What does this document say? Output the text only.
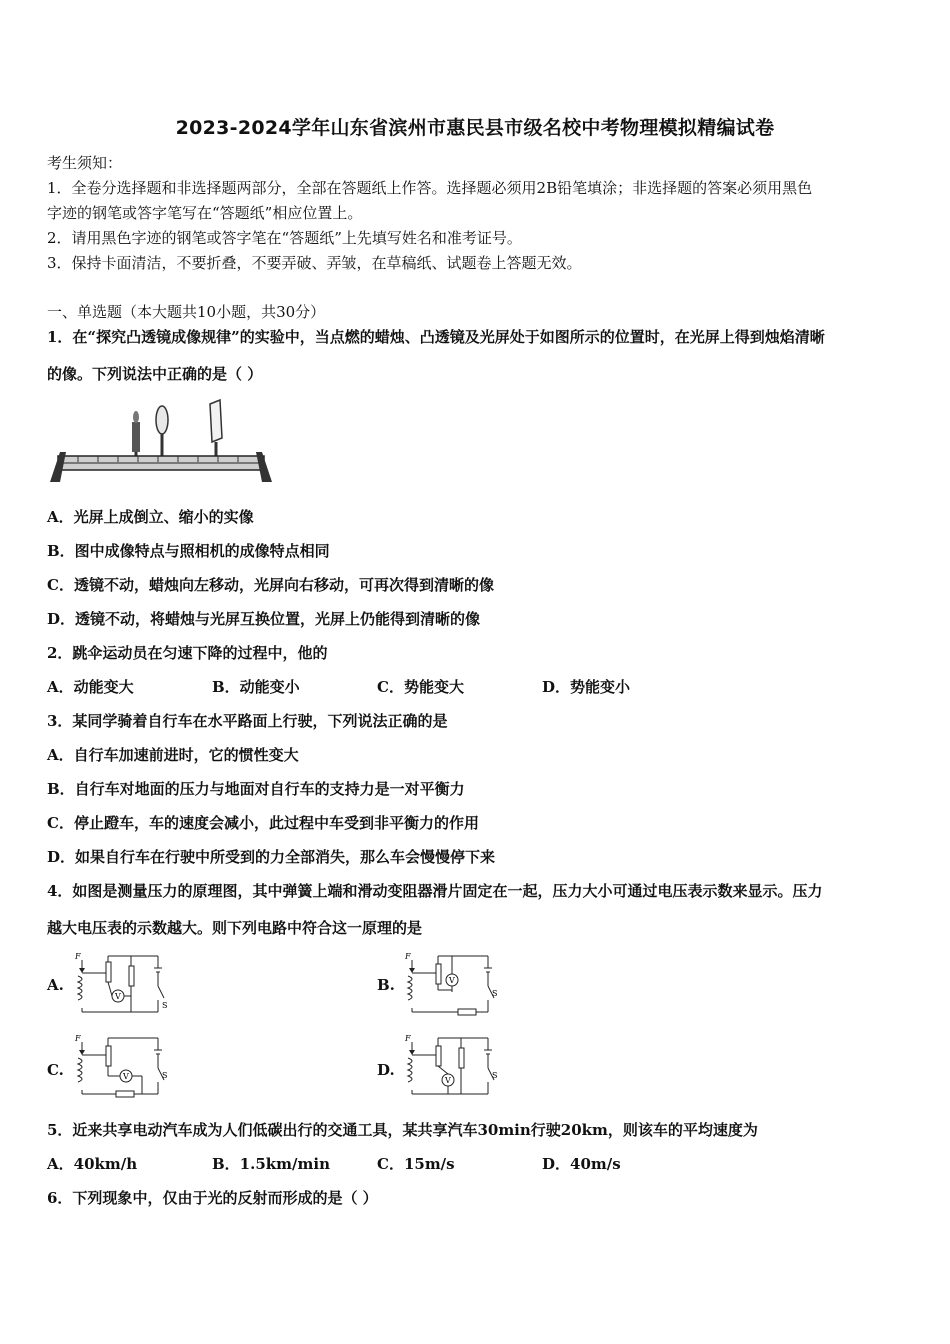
2023-2024学年山东省滨州市惠民县市级名校中考物理模拟精编试卷
考生须知：
1．全卷分选择题和非选择题两部分，全部在答题纸上作答。选择题必须用2B铅笔填涂；非选择题的答案必须用黑色
字迹的钢笔或答字笔写在“答题纸”相应位置上。
2．请用黑色字迹的钢笔或答字笔在“答题纸”上先填写姓名和准考证号。
3．保持卡面清洁，不要折叠，不要弄破、弄皱，在草稿纸、试题卷上答题无效。
一、单选题（本大题共10小题，共30分）
1．在“探究凸透镜成像规律”的实验中，当点燃的蜡烛、凸透镜及光屏处于如图所示的位置时，在光屏上得到烛焰清晰
的像。下列说法中正确的是（ ）
A．光屏上成倒立、缩小的实像
B．图中成像特点与照相机的成像特点相同
C．透镜不动，蜡烛向左移动，光屏向右移动，可再次得到清晰的像
D．透镜不动，将蜡烛与光屏互换位置，光屏上仍能得到清晰的像
2．跳伞运动员在匀速下降的过程中，他的
A．动能变大	B．动能变小	C．势能变大	D．势能变小
3．某同学骑着自行车在水平路面上行驶，下列说法正确的是
A．自行车加速前进时，它的惯性变大
B．自行车对地面的压力与地面对自行车的支持力是一对平衡力
C．停止蹬车，车的速度会减小，此过程中车受到非平衡力的作用
D．如果自行车在行驶中所受到的力全部消失，那么车会慢慢停下来
4．如图是测量压力的原理图，其中弹簧上端和滑动变阻器滑片固定在一起，压力大小可通过电压表示数来显示。压力
越大电压表的示数越大。则下列电路中符合这一原理的是
A.	B.
C.	D.
F
V
S
F
V
S
F
V	S
F
V
S
5．近来共享电动汽车成为人们低碳出行的交通工具，某共享汽车30min行驶20km，则该车的平均速度为
A．40km/h	B．1.5km/min	C．15m/s	D．40m/s
6．下列现象中，仅由于光的反射而形成的是（ ）
